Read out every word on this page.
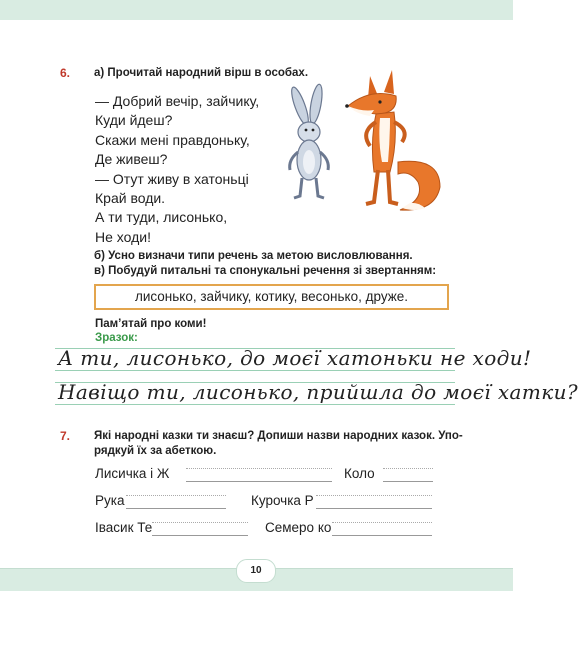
6. а) Прочитай народний вірш в особах.
— Добрий вечір, зайчику,
Куди йдеш?
Скажи мені правдоньку,
Де живеш?
— Отут живу в хатоньці
Край води.
А ти туди, лисонько,
Не ходи!
б) Усно визначи типи речень за метою висловлювання.
в) Побудуй питальні та спонукальні речення зі звертанням:
лисонько, зайчику, котику, весонько, друже.
Пам’ятай про коми!
Зразок:
А ти, лисонько, до моєї хатоньки не ходи!
Навіщо ти, лисонько, прийшла до моєї хатки?
7. Які народні казки ти знаєш? Допиши назви народних казок. Упо-
рядкуй їх за абеткою.
Лисичка і Ж	Коло
Рука	Курочка Р
Івасик Те	Семеро ко
10
